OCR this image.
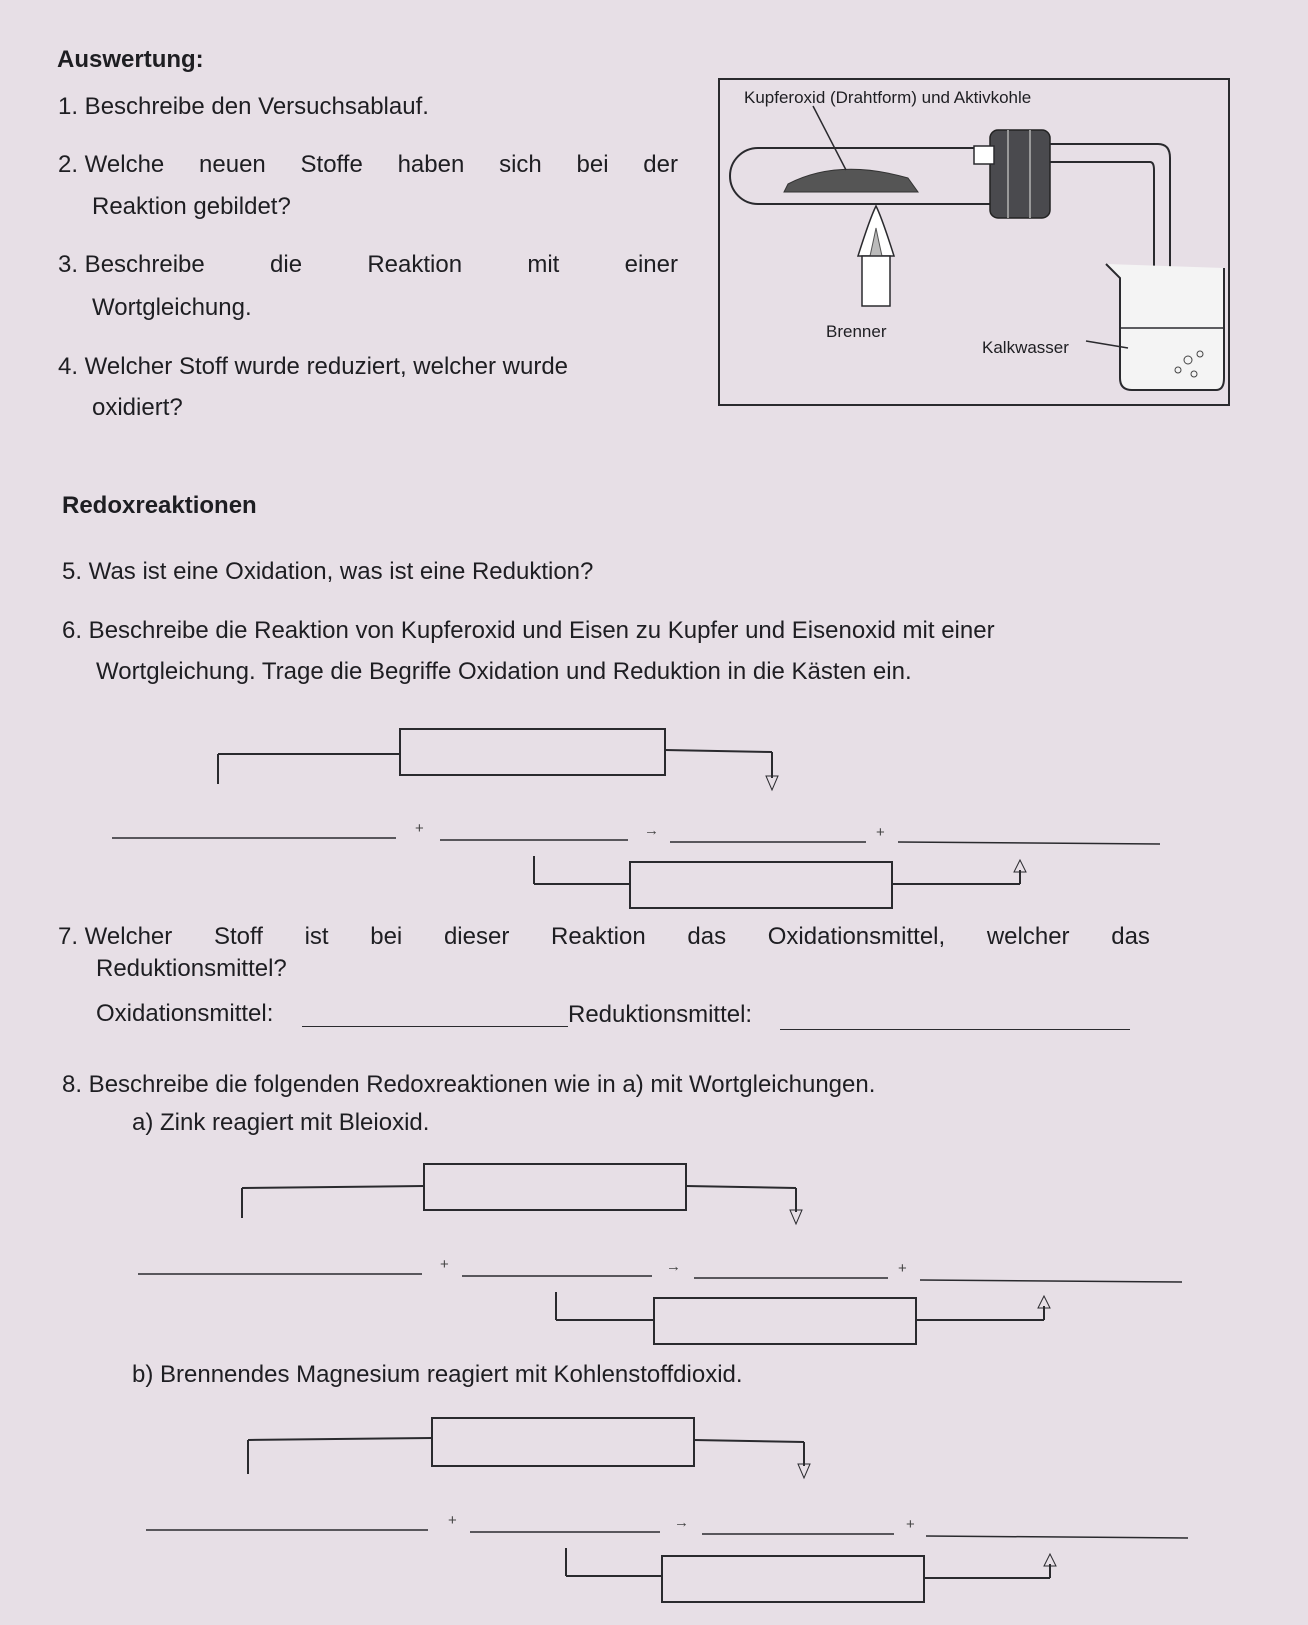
Auswertung:
1. Beschreibe den Versuchsablauf.
2. Welche neuen Stoffe haben sich bei der
Reaktion gebildet?
3. Beschreibe	die	Reaktion	mit	einer
Wortgleichung.
4. Welcher Stoff wurde reduziert, welcher wurde
oxidiert?
Kupferoxid (Drahtform) und Aktivkohle
Brenner
Kalkwasser
Redoxreaktionen
5. Was ist eine Oxidation, was ist eine Reduktion?
6. Beschreibe die Reaktion von Kupferoxid und Eisen zu Kupfer und Eisenoxid mit einer
Wortgleichung. Trage die Begriffe Oxidation und Reduktion in die Kästen ein.
+	→	+
7. Welcher Stoff ist bei dieser Reaktion das Oxidationsmittel, welcher das
Reduktionsmittel?
Oxidationsmittel:	Reduktionsmittel:
8. Beschreibe die folgenden Redoxreaktionen wie in a) mit Wortgleichungen.
a) Zink reagiert mit Bleioxid.
+	→	+
b) Brennendes Magnesium reagiert mit Kohlenstoffdioxid.
+	→	+
